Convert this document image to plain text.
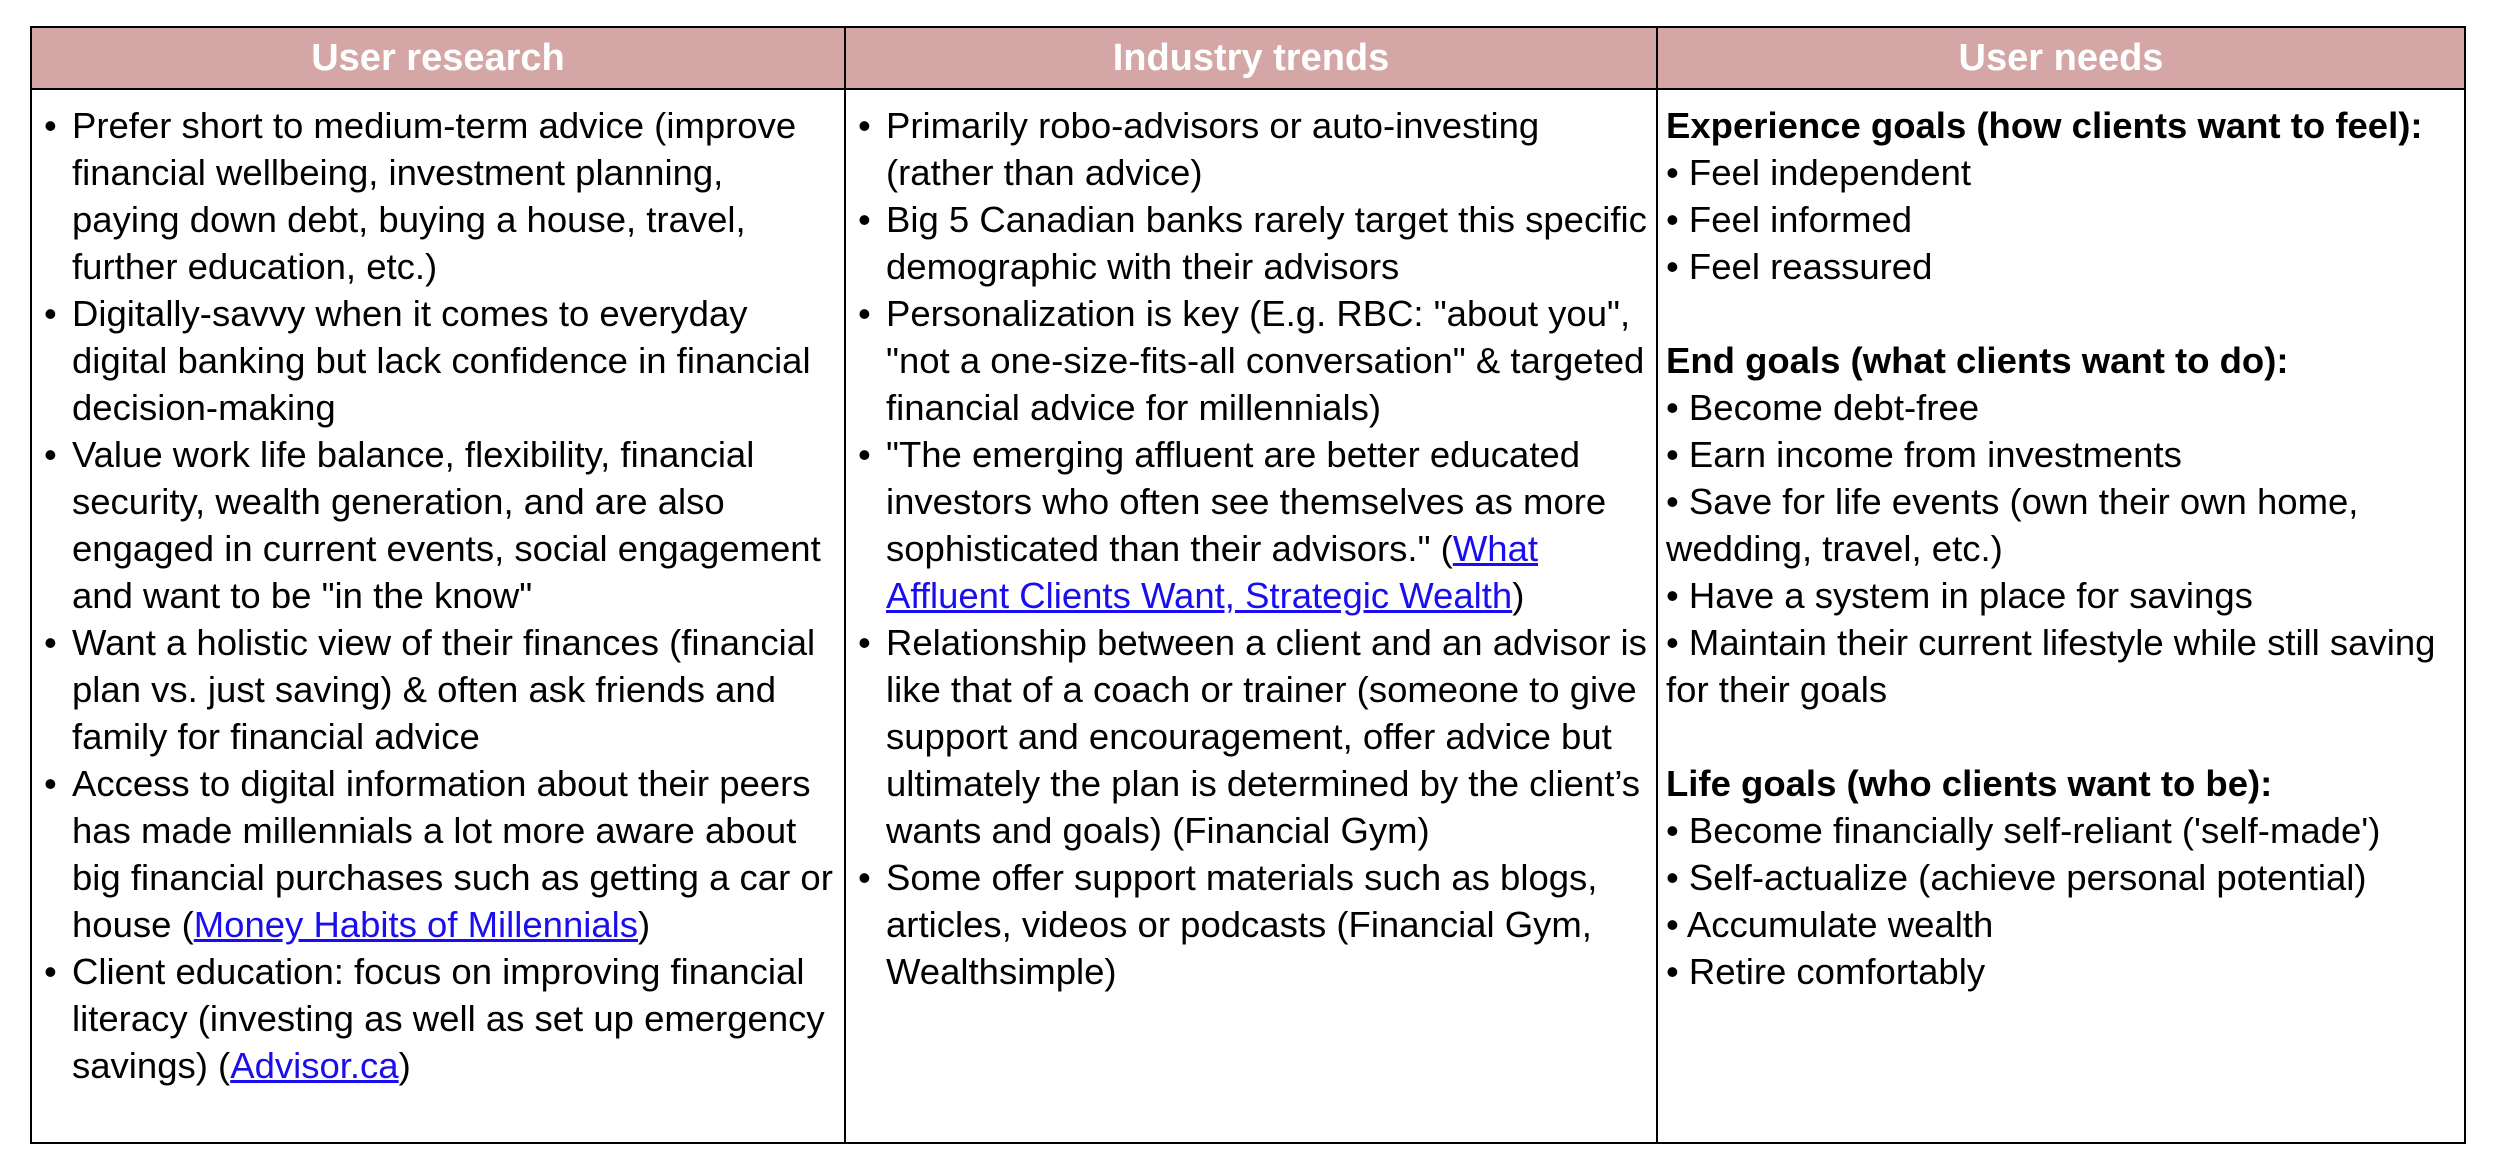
User research
• Prefer short to medium-term advice (improve financial wellbeing, investment planning, paying down debt, buying a house, travel, further education, etc.)
• Digitally-savvy when it comes to everyday digital banking but lack confidence in financial decision-making
• Value work life balance, flexibility, financial security, wealth generation, and are also engaged in current events, social engagement and want to be "in the know"
• Want a holistic view of their finances (financial plan vs. just saving) & often ask friends and family for financial advice
• Access to digital information about their peers has made millennials a lot more aware about big financial purchases such as getting a car or house (Money Habits of Millennials)
• Client education: focus on improving financial literacy (investing as well as set up emergency savings) (Advisor.ca)
Industry trends
• Primarily robo-advisors or auto-investing (rather than advice)
• Big 5 Canadian banks rarely target this specific demographic with their advisors
• Personalization is key (E.g. RBC: "about you", "not a one-size-fits-all conversation" & targeted financial advice for millennials)
• "The emerging affluent are better educated investors who often see themselves as more sophisticated than their advisors." (What Affluent Clients Want, Strategic Wealth)
• Relationship between a client and an advisor is like that of a coach or trainer (someone to give support and encouragement, offer advice but ultimately the plan is determined by the client’s wants and goals) (Financial Gym)
• Some offer support materials such as blogs, articles, videos or podcasts (Financial Gym, Wealthsimple)
User needs
Experience goals (how clients want to feel):
• Feel independent
• Feel informed
• Feel reassured
End goals (what clients want to do):
• Become debt-free
• Earn income from investments
• Save for life events (own their own home, wedding, travel, etc.)
• Have a system in place for savings
• Maintain their current lifestyle while still saving for their goals
Life goals (who clients want to be):
• Become financially self-reliant ('self-made')
• Self-actualize (achieve personal potential)
• Accumulate wealth
• Retire comfortably
